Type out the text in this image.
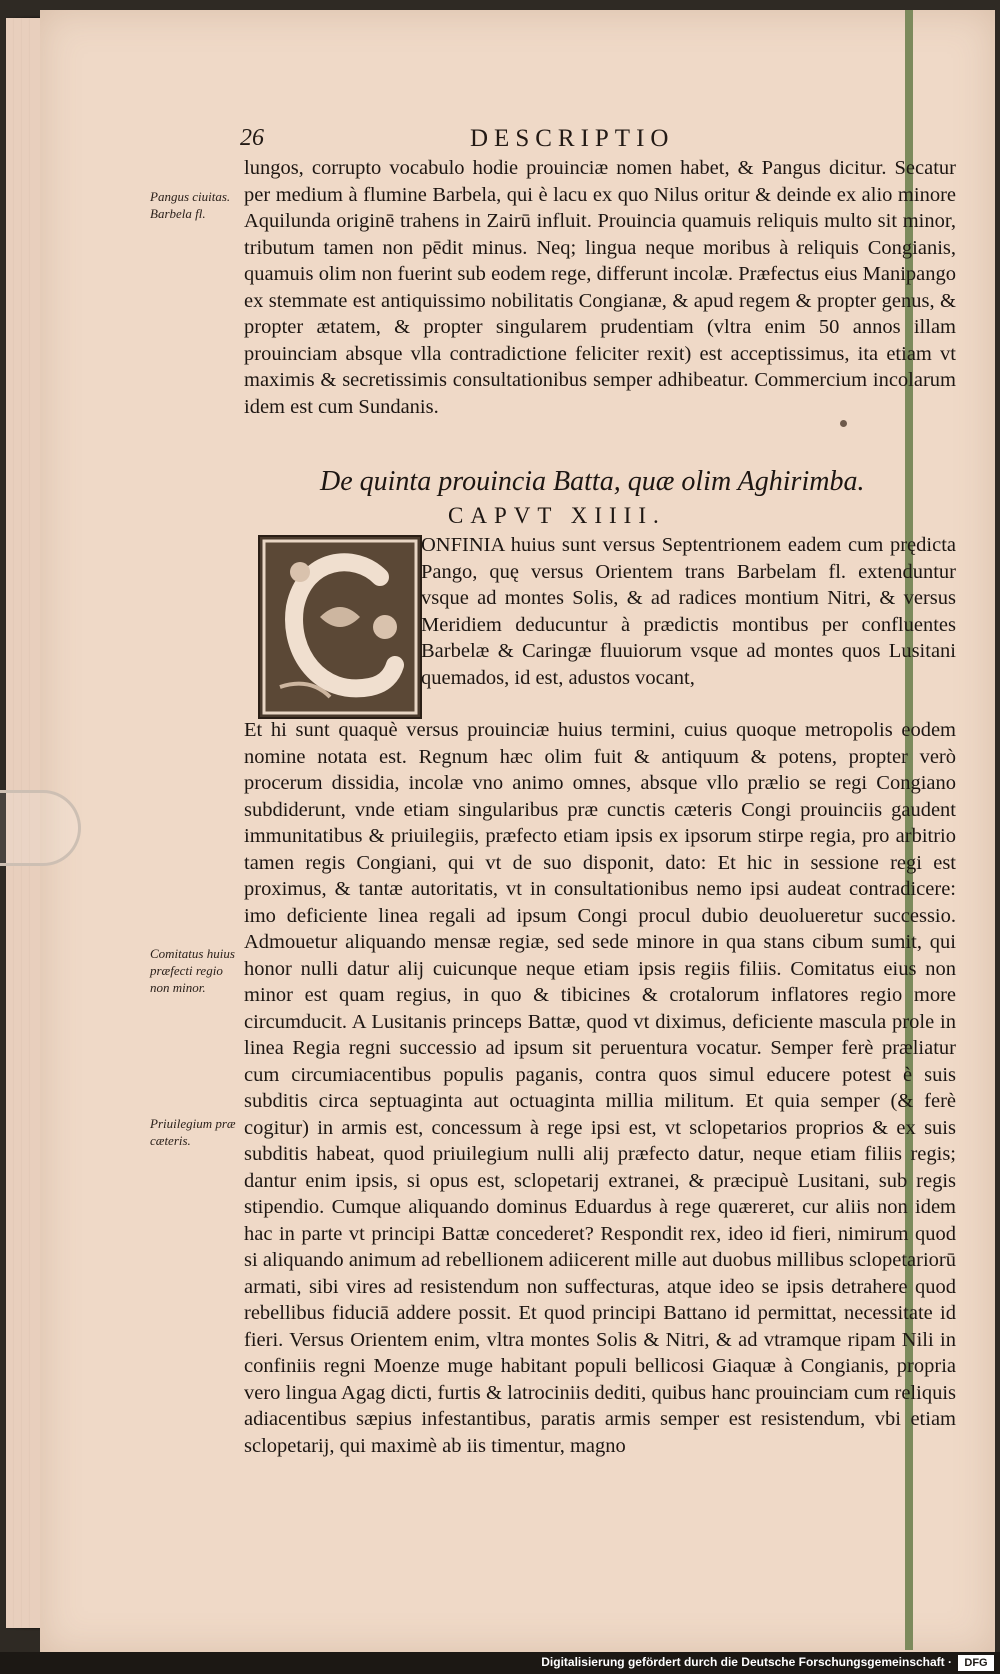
26	DESCRIPTIO

Pangus ciuitas. Barbela fl.

Comitatus huius præfecti regio non minor.

Priuilegium præ cæteris.

lungos, corrupto vocabulo hodie prouinciæ nomen habet, & Pangus dicitur. Secatur per medium à flumine Barbela, qui è lacu ex quo Nilus oritur & deinde ex alio minore Aquilunda originē trahens in Zairū influit. Prouincia quamuis reliquis multo sit minor, tributum tamen non pēdit minus. Neq; lingua neque moribus à reliquis Congianis, quamuis olim non fuerint sub eodem rege, differunt incolæ. Præfectus eius Manipango ex stemmate est antiquissimo nobilitatis Congianæ, & apud regem & propter genus, & propter ætatem, & propter singularem prudentiam (vltra enim 50 annos illam prouinciam absque vlla contradictione feliciter rexit) est acceptissimus, ita etiam vt maximis & secretissimis consultationibus semper adhibeatur. Commercium incolarum idem est cum Sundanis.

De quinta prouincia Batta, quæ olim Aghirimba.
CAPVT XIIII.

ONFINIA huius sunt versus Septentrionem eadem cum prędicta Pango, quę versus Orientem trans Barbelam fl. extenduntur vsque ad montes Solis, & ad radices montium Nitri, & versus Meridiem deducuntur à prædictis montibus per confluentes Barbelæ & Caringæ fluuiorum vsque ad montes quos Lusitani quemados, id est, adustos vocant,

Et hi sunt quaquè versus prouinciæ huius termini, cuius quoque metropolis eodem nomine notata est. Regnum hæc olim fuit & antiquum & potens, propter verò procerum dissidia, incolæ vno animo omnes, absque vllo prælio se regi Congiano subdiderunt, vnde etiam singularibus præ cunctis cæteris Congi prouinciis gaudent immunitatibus & priuilegiis, præfecto etiam ipsis ex ipsorum stirpe regia, pro arbitrio tamen regis Congiani, qui vt de suo disponit, dato: Et hic in sessione regi est proximus, & tantæ autoritatis, vt in consultationibus nemo ipsi audeat contradicere: imo deficiente linea regali ad ipsum Congi procul dubio deuolueretur successio. Admouetur aliquando mensæ regiæ, sed sede minore in qua stans cibum sumit, qui honor nulli datur alij cuicunque neque etiam ipsis regiis filiis. Comitatus eius non minor est quam regius, in quo & tibicines & crotalorum inflatores regio more circumducit. A Lusitanis princeps Battæ, quod vt diximus, deficiente mascula prole in linea Regia regni successio ad ipsum sit peruentura vocatur. Semper ferè præliatur cum circumiacentibus populis paganis, contra quos simul educere potest è suis subditis circa septuaginta aut octuaginta millia militum. Et quia semper (& ferè cogitur) in armis est, concessum à rege ipsi est, vt sclopetarios proprios & ex suis subditis habeat, quod priuilegium nulli alij præfecto datur, neque etiam filiis regis; dantur enim ipsis, si opus est, sclopetarij extranei, & præcipuè Lusitani, sub regis stipendio. Cumque aliquando dominus Eduardus à rege quæreret, cur aliis non idem hac in parte vt principi Battæ concederet? Respondit rex, ideo id fieri, nimirum quod si aliquando animum ad rebellionem adiicerent mille aut duobus millibus sclopetariorū armati, sibi vires ad resistendum non suffecturas, atque ideo se ipsis detrahere quod rebellibus fiduciā addere possit. Et quod principi Battano id permittat, necessitate id fieri. Versus Orientem enim, vltra montes Solis & Nitri, & ad vtramque ripam Nili in confiniis regni Moenze muge habitant populi bellicosi Giaquæ à Congianis, propria vero lingua Agag dicti, furtis & latrociniis dediti, quibus hanc prouinciam cum reliquis adiacentibus sæpius infestantibus, paratis armis semper est resistendum, vbi etiam sclopetarij, qui maximè ab iis timentur, magno

Digitalisierung gefördert durch die Deutsche Forschungsgemeinschaft ·	DFG
